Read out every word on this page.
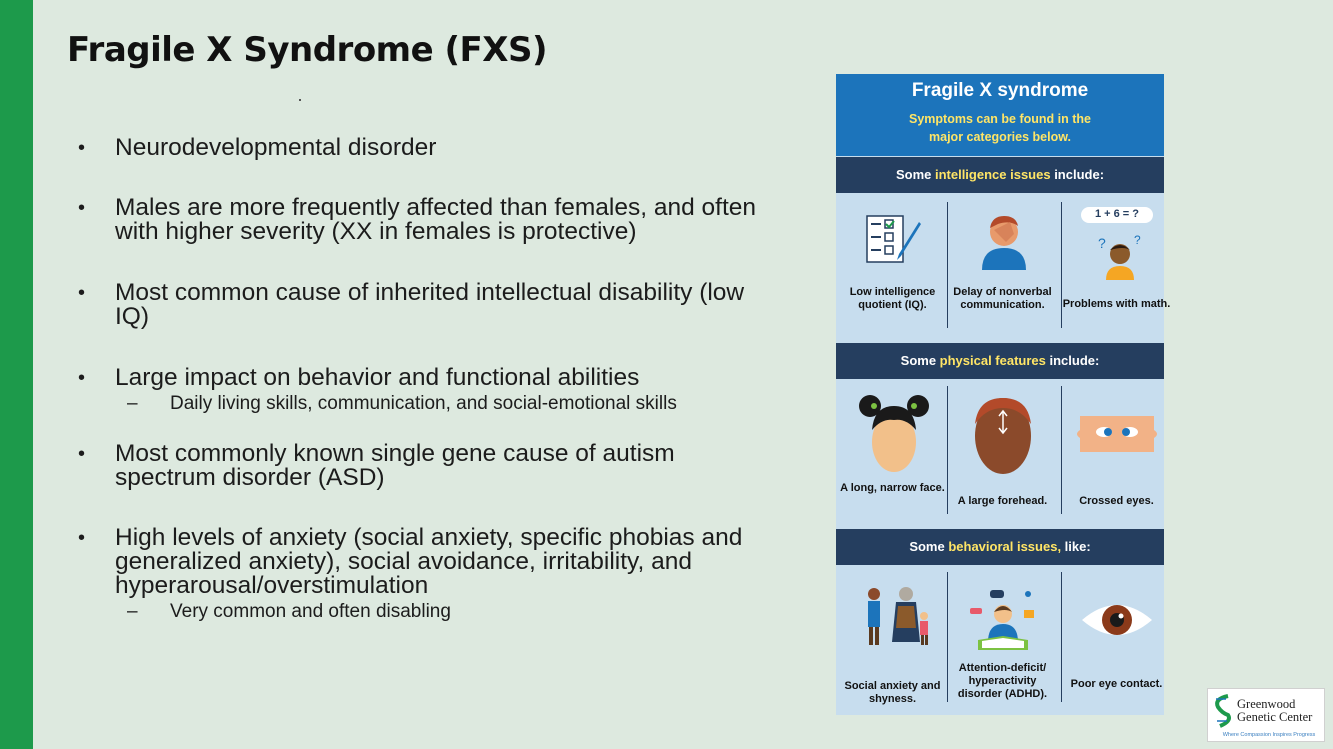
Fragile X Syndrome (FXS)
• Neurodevelopmental disorder
• Males are more frequently affected than females, and often with higher severity (XX in females is protective)
• Most common cause of inherited intellectual disability (low IQ)
• Large impact on behavior and functional abilities
– Daily living skills, communication, and social-emotional skills
• Most commonly known single gene cause of autism spectrum disorder (ASD)
• High levels of anxiety (social anxiety, specific phobias and generalized anxiety), social avoidance, irritability, and hyperarousal/overstimulation
– Very common and often disabling
Fragile X syndrome
Symptoms can be found in the
major categories below.
Some intelligence issues include:
Low intelligence quotient (IQ).
Delay of nonverbal communication.
1 + 6 = ?
? ?
Problems with math.
Some physical features include:
A long, narrow face.
A large forehead.	Crossed eyes.
Some behavioral issues, like:
Social anxiety and shyness.
Attention-deficit/ hyperactivity disorder (ADHD).
Poor eye contact.
Greenwood
Genetic Center
Where Compassion Inspires Progress
